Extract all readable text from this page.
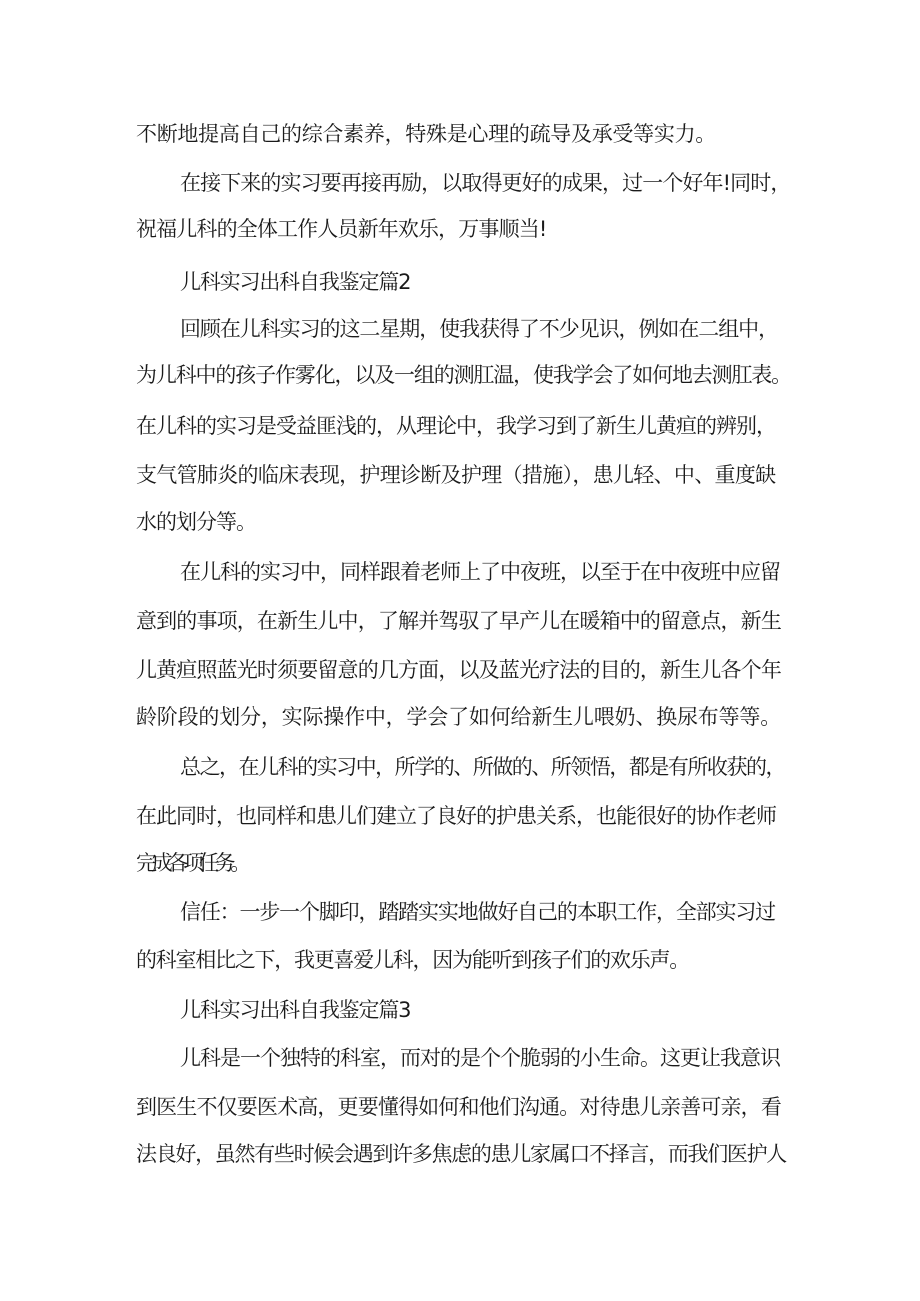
不断地提高自己的综合素养，特殊是心理的疏导及承受等实力。
在接下来的实习要再接再励，以取得更好的成果，过一个好年!同时，
祝福儿科的全体工作人员新年欢乐，万事顺当!
儿科实习出科自我鉴定篇2
回顾在儿科实习的这二星期，使我获得了不少见识，例如在二组中，
为儿科中的孩子作雾化，以及一组的测肛温，使我学会了如何地去测肛表。
在儿科的实习是受益匪浅的，从理论中，我学习到了新生儿黄疸的辨别，
支气管肺炎的临床表现，护理诊断及护理（措施），患儿轻、中、重度缺
水的划分等。
在儿科的实习中，同样跟着老师上了中夜班，以至于在中夜班中应留
意到的事项，在新生儿中，了解并驾驭了早产儿在暖箱中的留意点，新生
儿黄疸照蓝光时须要留意的几方面，以及蓝光疗法的目的，新生儿各个年
龄阶段的划分，实际操作中，学会了如何给新生儿喂奶、换尿布等等。
总之，在儿科的实习中，所学的、所做的、所领悟，都是有所收获的，
在此同时，也同样和患儿们建立了良好的护患关系，也能很好的协作老师
完成各项任务。
信任：一步一个脚印，踏踏实实地做好自己的本职工作，全部实习过
的科室相比之下，我更喜爱儿科，因为能听到孩子们的欢乐声。
儿科实习出科自我鉴定篇3
儿科是一个独特的科室，而对的是个个脆弱的小生命。这更让我意识
到医生不仅要医术高，更要懂得如何和他们沟通。对待患儿亲善可亲，看
法良好，虽然有些时候会遇到许多焦虑的患儿家属口不择言，而我们医护人
